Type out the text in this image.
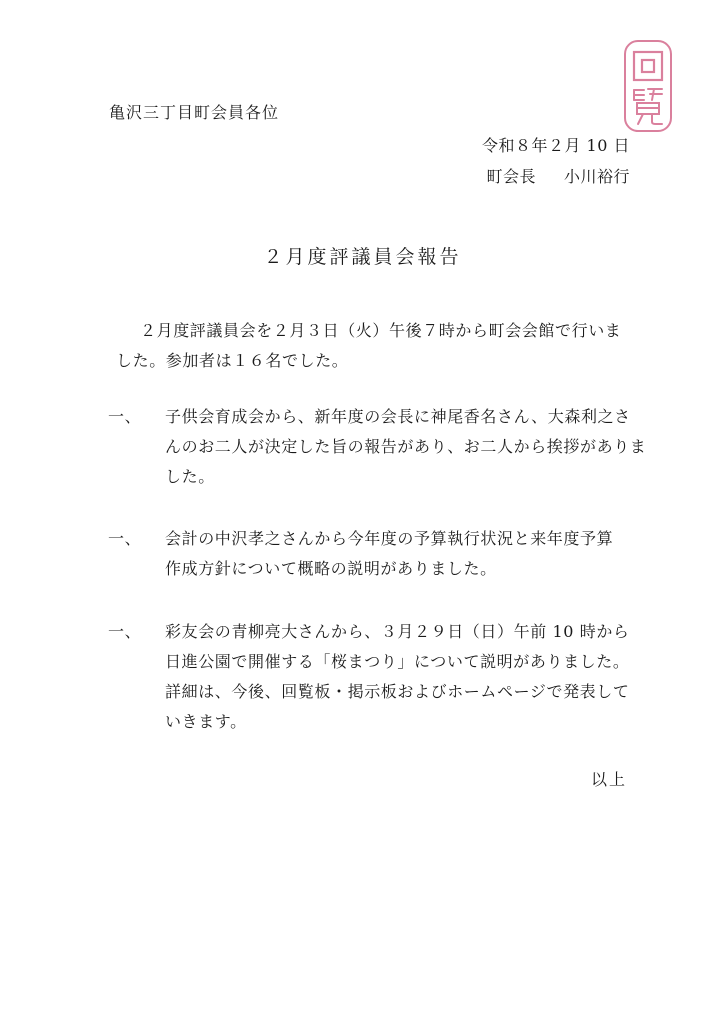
亀沢三丁目町会員各位
令和８年２月 10 日
町会長 小川裕行
２月度評議員会報告
２月度評議員会を２月３日（火）午後７時から町会会館で行いま
した。参加者は１６名でした。
一、	子供会育成会から、新年度の会長に神尾香名さん、大森利之さ
んのお二人が決定した旨の報告があり、お二人から挨拶がありま
した。
一、	会計の中沢孝之さんから今年度の予算執行状況と来年度予算
作成方針について概略の説明がありました。
一、	彩友会の青柳亮大さんから、３月２９日（日）午前 10 時から
日進公園で開催する「桜まつり」について説明がありました。
詳細は、今後、回覧板・掲示板およびホームページで発表して
いきます。
以上
